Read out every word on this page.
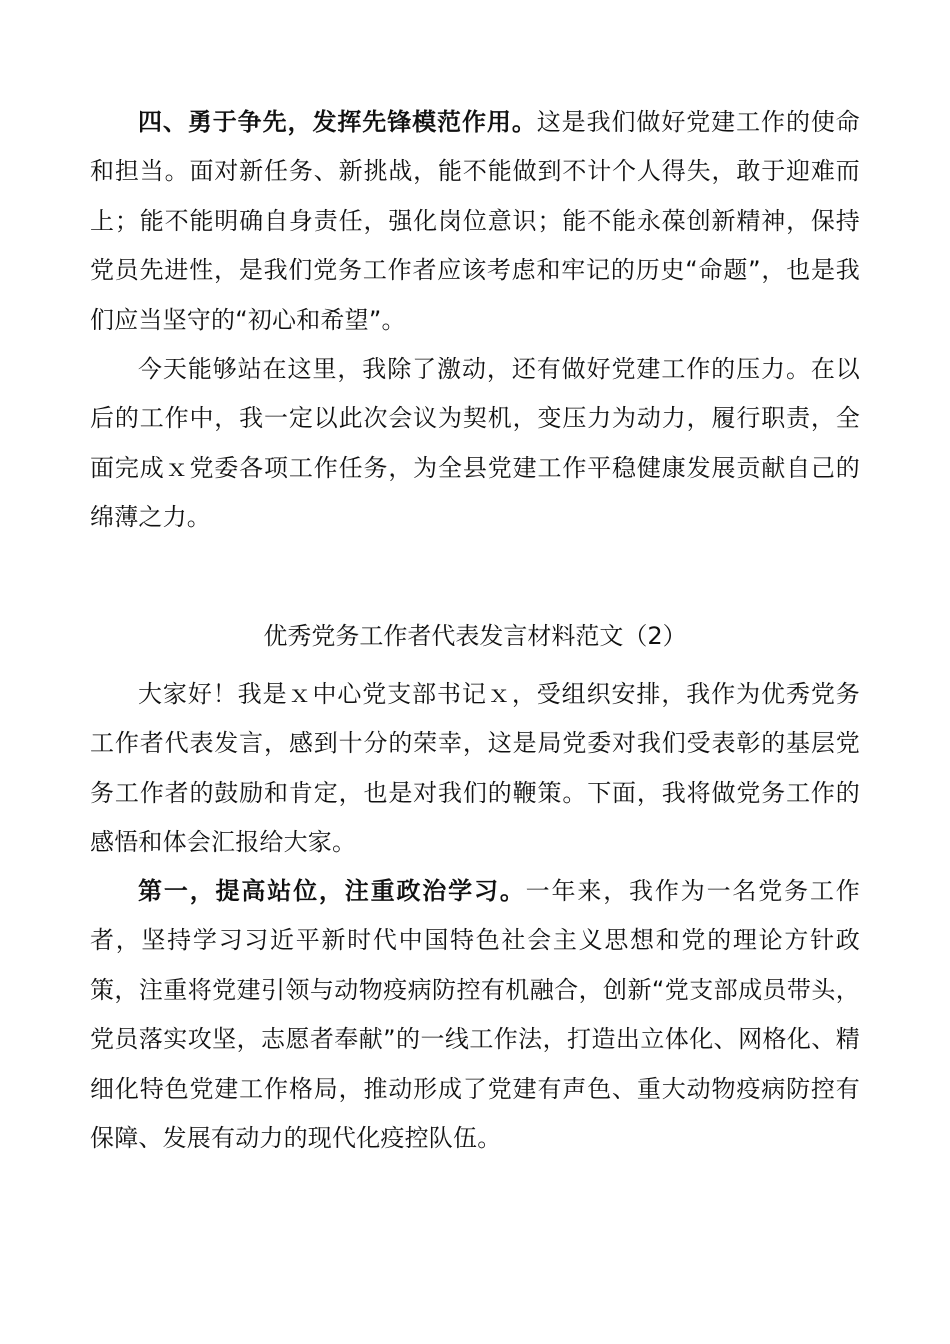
四、勇于争先，发挥先锋模范作用。这是我们做好党建工作的使命和担当。面对新任务、新挑战，能不能做到不计个人得失，敢于迎难而上；能不能明确自身责任，强化岗位意识；能不能永葆创新精神，保持党员先进性，是我们党务工作者应该考虑和牢记的历史“命题”，也是我们应当坚守的“初心和希望”。

今天能够站在这里，我除了激动，还有做好党建工作的压力。在以后的工作中，我一定以此次会议为契机，变压力为动力，履行职责，全面完成ｘ党委各项工作任务，为全县党建工作平稳健康发展贡献自己的绵薄之力。

优秀党务工作者代表发言材料范文（2）

大家好！我是ｘ中心党支部书记ｘ，受组织安排，我作为优秀党务工作者代表发言，感到十分的荣幸，这是局党委对我们受表彰的基层党务工作者的鼓励和肯定，也是对我们的鞭策。下面，我将做党务工作的感悟和体会汇报给大家。

第一，提高站位，注重政治学习。一年来，我作为一名党务工作者，坚持学习习近平新时代中国特色社会主义思想和党的理论方针政策，注重将党建引领与动物疫病防控有机融合，创新“党支部成员带头，党员落实攻坚，志愿者奉献”的一线工作法，打造出立体化、网格化、精细化特色党建工作格局，推动形成了党建有声色、重大动物疫病防控有保障、发展有动力的现代化疫控队伍。
